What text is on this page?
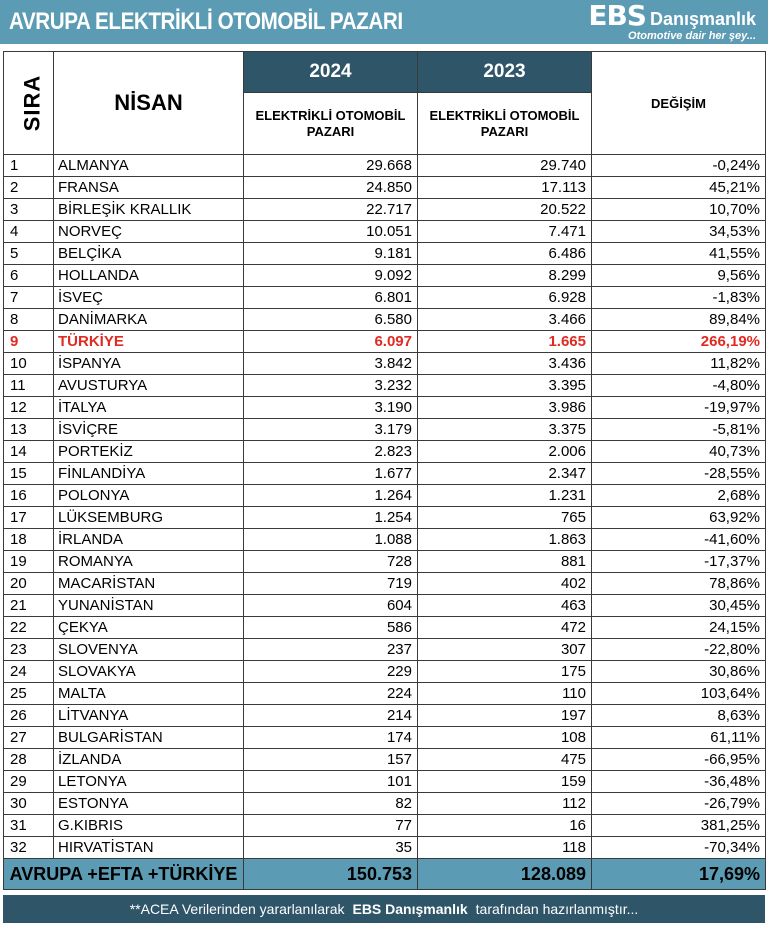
AVRUPA ELEKTRİKLİ OTOMOBİL PAZARI	EBS Danışmanlık
Otomotive dair her şey...
SIRA	NİSAN	2024	2023	DEĞİŞİM
		ELEKTRİKLİ OTOMOBİL PAZARI	ELEKTRİKLİ OTOMOBİL PAZARI	
1	ALMANYA	29.668	29.740	-0,24%
2	FRANSA	24.850	17.113	45,21%
3	BİRLEŞİK KRALLIK	22.717	20.522	10,70%
4	NORVEÇ	10.051	7.471	34,53%
5	BELÇİKA	9.181	6.486	41,55%
6	HOLLANDA	9.092	8.299	9,56%
7	İSVEÇ	6.801	6.928	-1,83%
8	DANİMARKA	6.580	3.466	89,84%
9	TÜRKİYE	6.097	1.665	266,19%
10	İSPANYA	3.842	3.436	11,82%
11	AVUSTURYA	3.232	3.395	-4,80%
12	İTALYA	3.190	3.986	-19,97%
13	İSVİÇRE	3.179	3.375	-5,81%
14	PORTEKİZ	2.823	2.006	40,73%
15	FİNLANDİYA	1.677	2.347	-28,55%
16	POLONYA	1.264	1.231	2,68%
17	LÜKSEMBURG	1.254	765	63,92%
18	İRLANDA	1.088	1.863	-41,60%
19	ROMANYA	728	881	-17,37%
20	MACARİSTAN	719	402	78,86%
21	YUNANİSTAN	604	463	30,45%
22	ÇEKYA	586	472	24,15%
23	SLOVENYA	237	307	-22,80%
24	SLOVAKYA	229	175	30,86%
25	MALTA	224	110	103,64%
26	LİTVANYA	214	197	8,63%
27	BULGARİSTAN	174	108	61,11%
28	İZLANDA	157	475	-66,95%
29	LETONYA	101	159	-36,48%
30	ESTONYA	82	112	-26,79%
31	G.KIBRIS	77	16	381,25%
32	HIRVATİSTAN	35	118	-70,34%
AVRUPA +EFTA +TÜRKİYE		150.753	128.089	17,69%
**ACEA Verilerinden yararlanılarak EBS Danışmanlık tarafından hazırlanmıştır...
